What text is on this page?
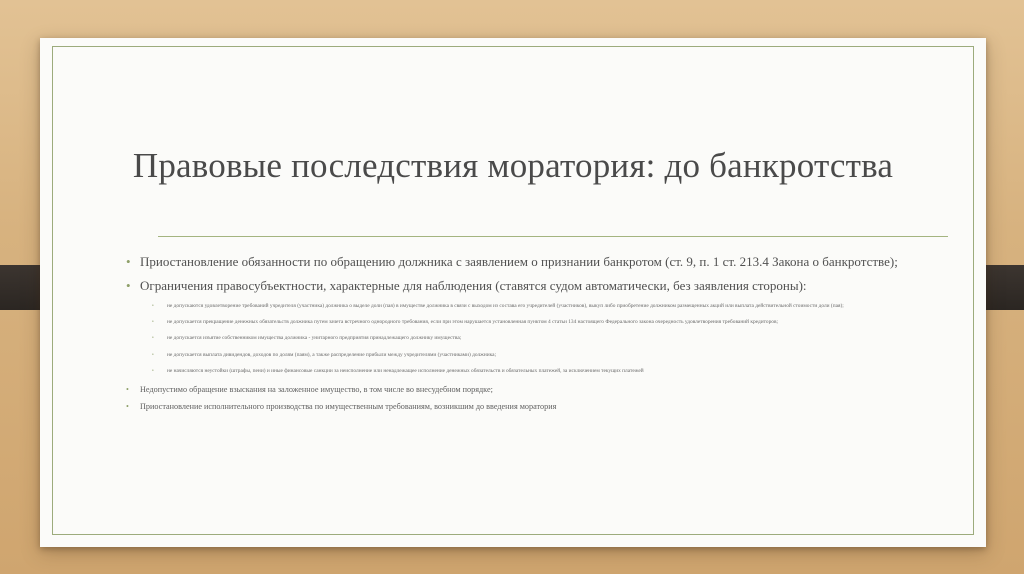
Правовые последствия моратория: до банкротства
• Приостановление обязанности по обращению должника с заявлением о признании банкротом (ст. 9, п. 1 ст. 213.4 Закона о банкротстве);
• Ограничения правосубъектности, характерные для наблюдения (ставятся судом автоматически, без заявления стороны):
• не допускаются удовлетворение требований учредителя (участника) должника о выделе доли (пая) в имуществе должника в связи с выходом из состава его учредителей (участников), выкуп либо приобретение должником размещенных акций или выплата действительной стоимости доли (пая);
• не допускается прекращение денежных обязательств должника путем зачета встречного однородного требования, если при этом нарушается установленная пунктом 4 статьи 134 настоящего Федерального закона очередность удовлетворения требований кредиторов;
• не допускается изъятие собственником имущества должника - унитарного предприятия принадлежащего должнику имущества;
• не допускается выплата дивидендов, доходов по долям (паям), а также распределение прибыли между учредителями (участниками) должника;
• не начисляются неустойки (штрафы, пени) и иные финансовые санкции за неисполнение или ненадлежащее исполнение денежных обязательств и обязательных платежей, за исключением текущих платежей
• Недопустимо обращение взыскания на заложенное имущество, в том числе во внесудебном порядке;
• Приостановление исполнительного производства по имущественным требованиям, возникшим до введения моратория
